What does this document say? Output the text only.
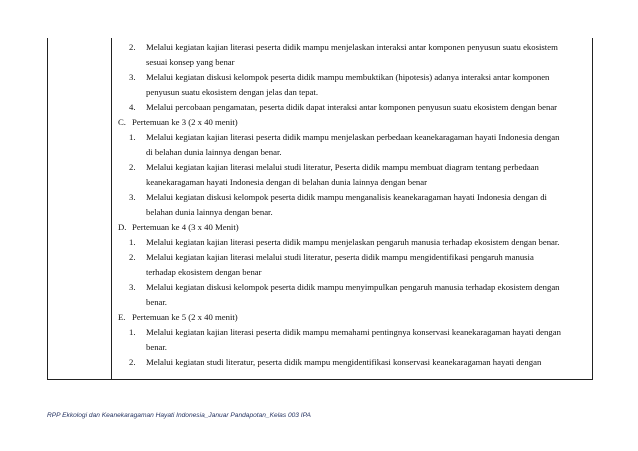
2. Melalui kegiatan kajian literasi peserta didik mampu menjelaskan interaksi antar komponen penyusun suatu ekosistem
sesuai konsep yang benar
3. Melalui kegiatan diskusi kelompok peserta didik mampu membuktikan (hipotesis) adanya interaksi antar komponen
penyusun suatu ekosistem dengan jelas dan tepat.
4. Melalui percobaan pengamatan, peserta didik dapat interaksi antar komponen penyusun suatu ekosistem dengan benar
C. Pertemuan ke 3 (2 x 40 menit)
1. Melalui kegiatan kajian literasi peserta didik mampu menjelaskan perbedaan keanekaragaman hayati Indonesia dengan
di belahan dunia lainnya dengan benar.
2. Melalui kegiatan kajian literasi melalui studi literatur, Peserta didik mampu membuat diagram tentang perbedaan
keanekaragaman hayati Indonesia dengan di belahan dunia lainnya dengan benar
3. Melalui kegiatan diskusi kelompok peserta didik mampu menganalisis keanekaragaman hayati Indonesia dengan di
belahan dunia lainnya dengan benar.
D. Pertemuan ke 4 (3 x 40 Menit)
1. Melalui kegiatan kajian literasi peserta didik mampu menjelaskan pengaruh manusia terhadap ekosistem dengan benar.
2. Melalui kegiatan kajian literasi melalui studi literatur, peserta didik mampu mengidentifikasi pengaruh manusia
terhadap ekosistem dengan benar
3. Melalui kegiatan diskusi kelompok peserta didik mampu menyimpulkan pengaruh manusia terhadap ekosistem dengan
benar.
E. Pertemuan ke 5 (2 x 40 menit)
1. Melalui kegiatan kajian literasi peserta didik mampu memahami pentingnya konservasi keanekaragaman hayati dengan
benar.
2. Melalui kegiatan studi literatur, peserta didik mampu mengidentifikasi konservasi keanekaragaman hayati dengan
RPP Ekkologi dan Keanekaragaman Hayati Indonesia_Januar Pandapotan_Kelas 003 IPA
